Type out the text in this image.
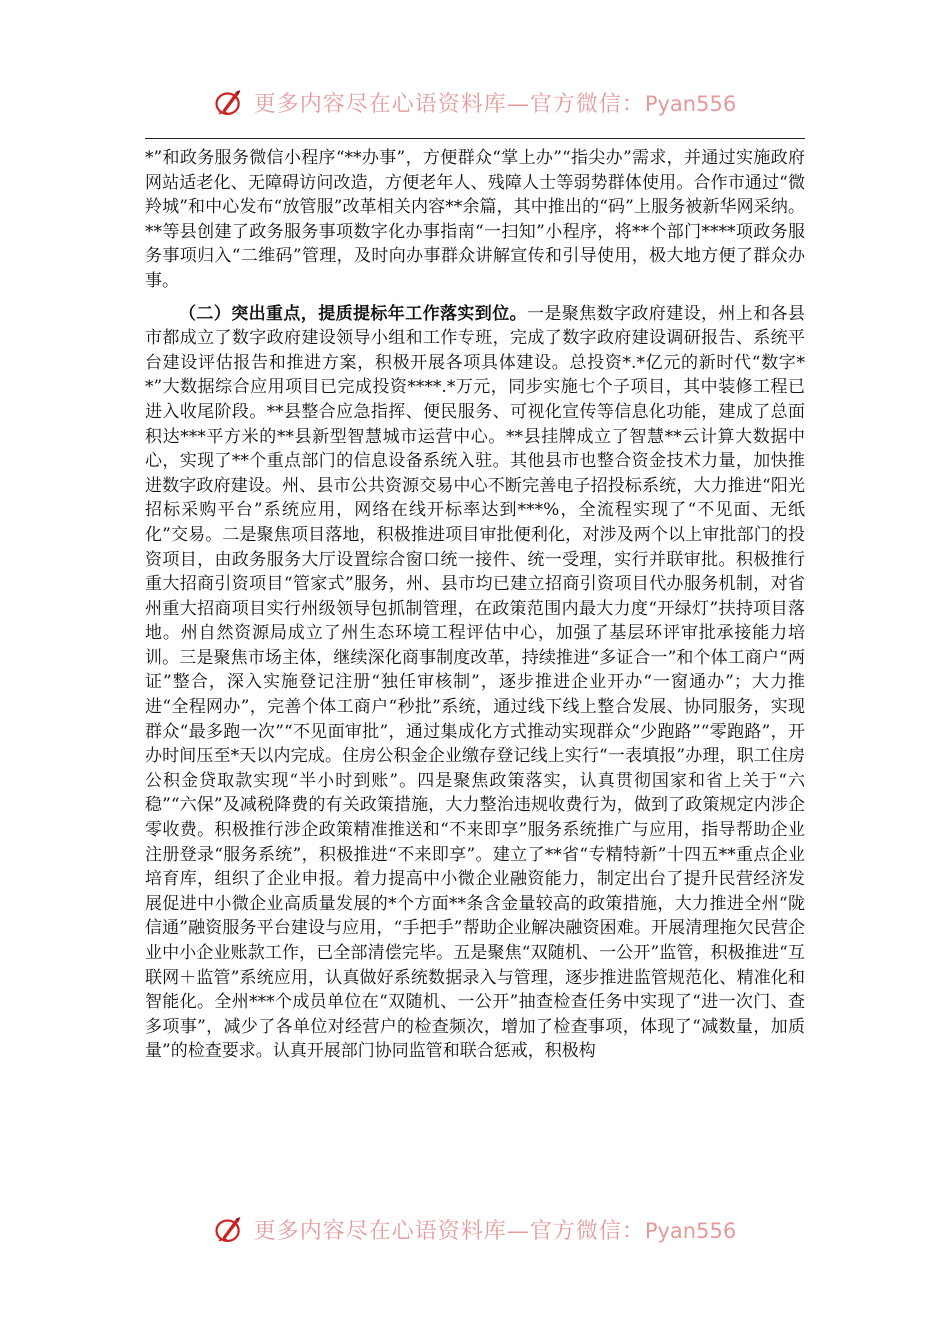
更多内容尽在心语资料库—官方微信：Pyan556

*”和政务服务微信小程序“**办事”，方便群众“掌上办”“指尖办”需求，并通过实施政府网站适老化、无障碍访问改造，方便老年人、残障人士等弱势群体使用。合作市通过“微羚城”和中心发布“放管服”改革相关内容**余篇，其中推出的“码”上服务被新华网采纳。**等县创建了政务服务事项数字化办事指南“一扫知”小程序，将**个部门****项政务服务事项归入“二维码”管理，及时向办事群众讲解宣传和引导使用，极大地方便了群众办事。

（二）突出重点，提质提标年工作落实到位。一是聚焦数字政府建设，州上和各县市都成立了数字政府建设领导小组和工作专班，完成了数字政府建设调研报告、系统平台建设评估报告和推进方案，积极开展各项具体建设。总投资*.*亿元的新时代“数字**”大数据综合应用项目已完成投资****.*万元，同步实施七个子项目，其中装修工程已进入收尾阶段。**县整合应急指挥、便民服务、可视化宣传等信息化功能，建成了总面积达***平方米的**县新型智慧城市运营中心。**县挂牌成立了智慧**云计算大数据中心，实现了**个重点部门的信息设备系统入驻。其他县市也整合资金技术力量，加快推进数字政府建设。州、县市公共资源交易中心不断完善电子招投标系统，大力推进“阳光招标采购平台”系统应用，网络在线开标率达到***%，全流程实现了“不见面、无纸化”交易。二是聚焦项目落地，积极推进项目审批便利化，对涉及两个以上审批部门的投资项目，由政务服务大厅设置综合窗口统一接件、统一受理，实行并联审批。积极推行重大招商引资项目“管家式”服务，州、县市均已建立招商引资项目代办服务机制，对省州重大招商项目实行州级领导包抓制管理，在政策范围内最大力度“开绿灯”扶持项目落地。州自然资源局成立了州生态环境工程评估中心，加强了基层环评审批承接能力培训。三是聚焦市场主体，继续深化商事制度改革，持续推进“多证合一”和个体工商户“两证”整合，深入实施登记注册“独任审核制”，逐步推进企业开办“一窗通办”；大力推进“全程网办”，完善个体工商户“秒批”系统，通过线下线上整合发展、协同服务，实现群众“最多跑一次”“不见面审批”，通过集成化方式推动实现群众“少跑路”“零跑路”，开办时间压至*天以内完成。住房公积金企业缴存登记线上实行“一表填报”办理，职工住房公积金贷取款实现“半小时到账”。四是聚焦政策落实，认真贯彻国家和省上关于“六稳”“六保”及减税降费的有关政策措施，大力整治违规收费行为，做到了政策规定内涉企零收费。积极推行涉企政策精准推送和“不来即享”服务系统推广与应用，指导帮助企业注册登录“服务系统”，积极推进“不来即享”。建立了**省“专精特新”十四五**重点企业培育库，组织了企业申报。着力提高中小微企业融资能力，制定出台了提升民营经济发展促进中小微企业高质量发展的*个方面**条含金量较高的政策措施，大力推进全州“陇信通”融资服务平台建设与应用，“手把手”帮助企业解决融资困难。开展清理拖欠民营企业中小企业账款工作，已全部清偿完毕。五是聚焦“双随机、一公开”监管，积极推进“互联网＋监管”系统应用，认真做好系统数据录入与管理，逐步推进监管规范化、精准化和智能化。全州***个成员单位在“双随机、一公开”抽查检查任务中实现了“进一次门、查多项事”，减少了各单位对经营户的检查频次，增加了检查事项，体现了“减数量，加质量”的检查要求。认真开展部门协同监管和联合惩戒，积极构

更多内容尽在心语资料库—官方微信：Pyan556
